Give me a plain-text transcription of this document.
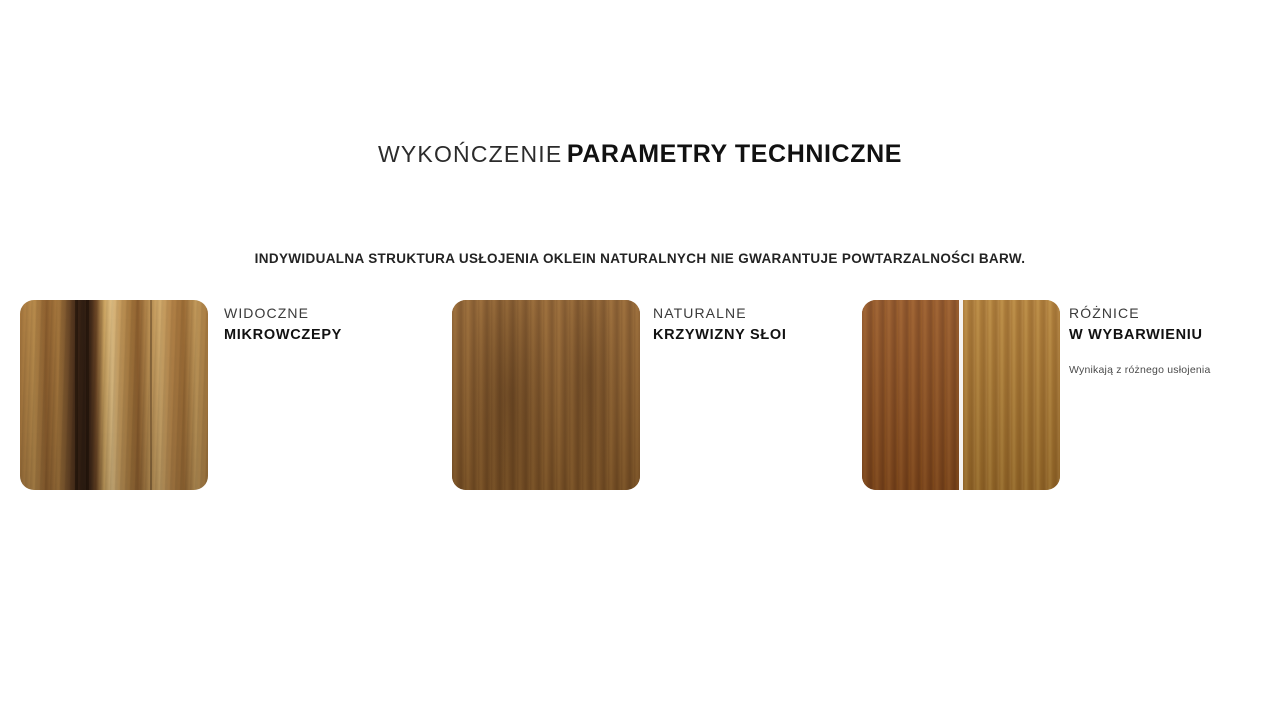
WYKOŃCZENIE PARAMETRY TECHNICZNE
INDYWIDUALNA STRUKTURA USŁOJENIA OKLEIN NATURALNYCH NIE GWARANTUJE POWTARZALNOŚCI BARW.
WIDOCZNE
MIKROWCZEPY
NATURALNE
KRZYWIZNY SŁOI
RÓŻNICE
W WYBARWIENIU
Wynikają z różnego usłojenia
